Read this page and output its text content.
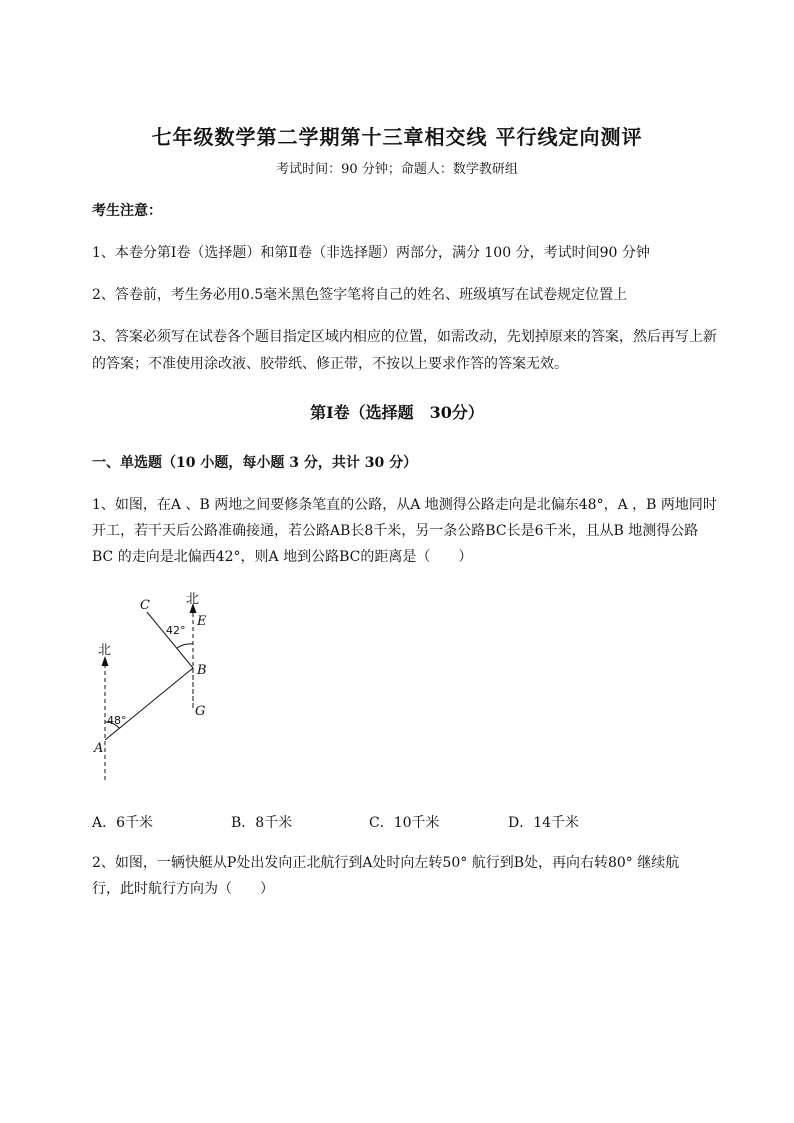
七年级数学第二学期第十三章相交线 平行线定向测评
考试时间：90 分钟；命题人：数学教研组
考生注意：
1、本卷分第Ⅰ卷（选择题）和第Ⅱ卷（非选择题）两部分，满分 100 分，考试时间90 分钟
2、答卷前，考生务必用0.5毫米黑色签字笔将自己的姓名、班级填写在试卷规定位置上
3、答案必须写在试卷各个题目指定区域内相应的位置，如需改动，先划掉原来的答案，然后再写上新
的答案；不准使用涂改液、胶带纸、修正带，不按以上要求作答的答案无效。
第Ⅰ卷（选择题　30分）
一、单选题（10 小题，每小题 3 分，共计 30 分）
1、如图，在A 、B 两地之间要修条笔直的公路，从A 地测得公路走向是北偏东48°，A ，B 两地同时
开工，若干天后公路准确接通，若公路AB长8千米，另一条公路BC长是6千米，且从B 地测得公路
BC 的走向是北偏西42°，则A 地到公路BC的距离是（　　）
北
北
48°
42°
A
B
C
E
G
A．6千米	B．8千米	C．10千米	D．14千米
2、如图，一辆快艇从P处出发向正北航行到A处时向左转50° 航行到B处，再向右转80° 继续航
行，此时航行方向为（　　）
